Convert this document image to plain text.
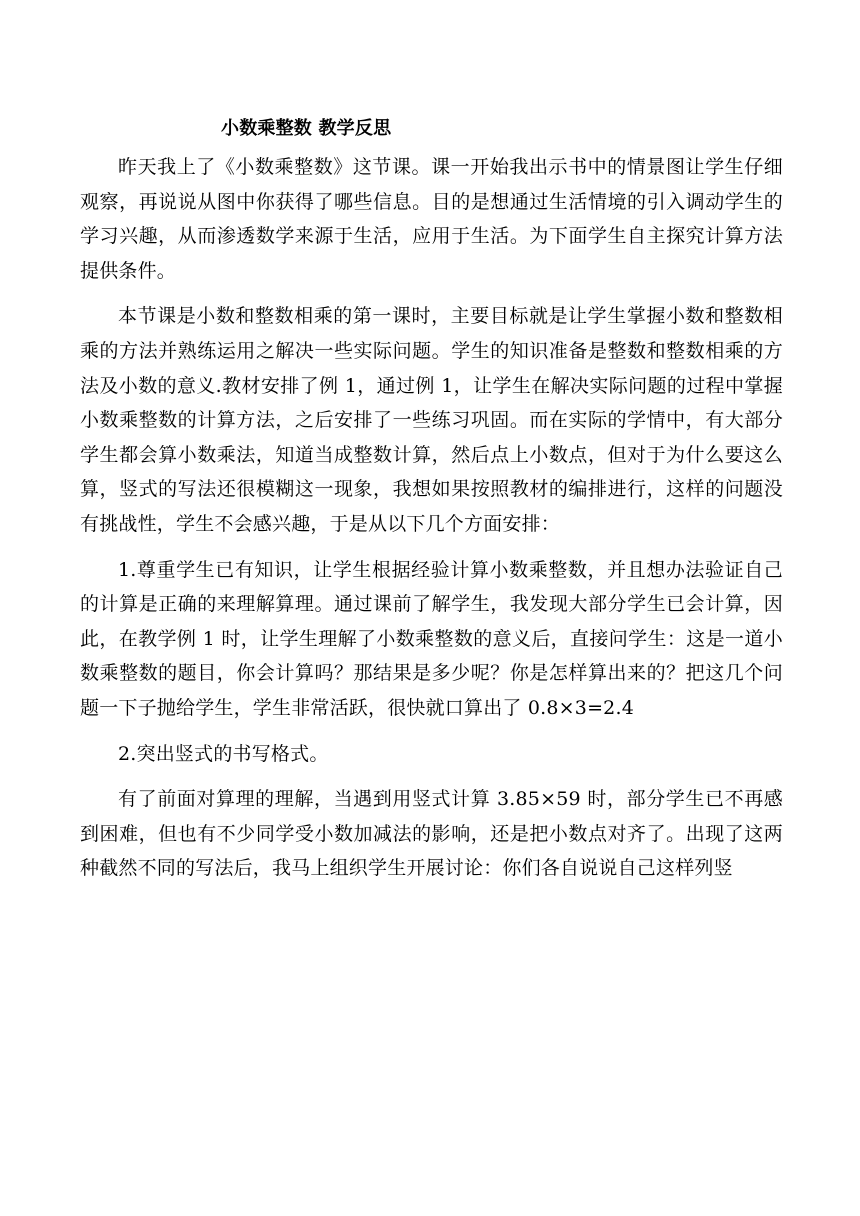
小数乘整数 教学反思

昨天我上了《小数乘整数》这节课。课一开始我出示书中的情景图让学生仔细观察，再说说从图中你获得了哪些信息。目的是想通过生活情境的引入调动学生的学习兴趣，从而渗透数学来源于生活，应用于生活。为下面学生自主探究计算方法提供条件。

本节课是小数和整数相乘的第一课时，主要目标就是让学生掌握小数和整数相乘的方法并熟练运用之解决一些实际问题。学生的知识准备是整数和整数相乘的方法及小数的意义.教材安排了例 1，通过例 1，让学生在解决实际问题的过程中掌握小数乘整数的计算方法，之后安排了一些练习巩固。而在实际的学情中，有大部分学生都会算小数乘法，知道当成整数计算，然后点上小数点，但对于为什么要这么算，竖式的写法还很模糊这一现象，我想如果按照教材的编排进行，这样的问题没有挑战性，学生不会感兴趣，于是从以下几个方面安排：

1.尊重学生已有知识，让学生根据经验计算小数乘整数，并且想办法验证自己的计算是正确的来理解算理。通过课前了解学生，我发现大部分学生已会计算，因此，在教学例 1 时，让学生理解了小数乘整数的意义后，直接问学生：这是一道小数乘整数的题目，你会计算吗？那结果是多少呢？你是怎样算出来的？把这几个问题一下子抛给学生，学生非常活跃，很快就口算出了 0.8×3=2.4

2.突出竖式的书写格式。

有了前面对算理的理解，当遇到用竖式计算 3.85×59 时，部分学生已不再感到困难，但也有不少同学受小数加减法的影响，还是把小数点对齐了。出现了这两种截然不同的写法后，我马上组织学生开展讨论：你们各自说说自己这样列竖
